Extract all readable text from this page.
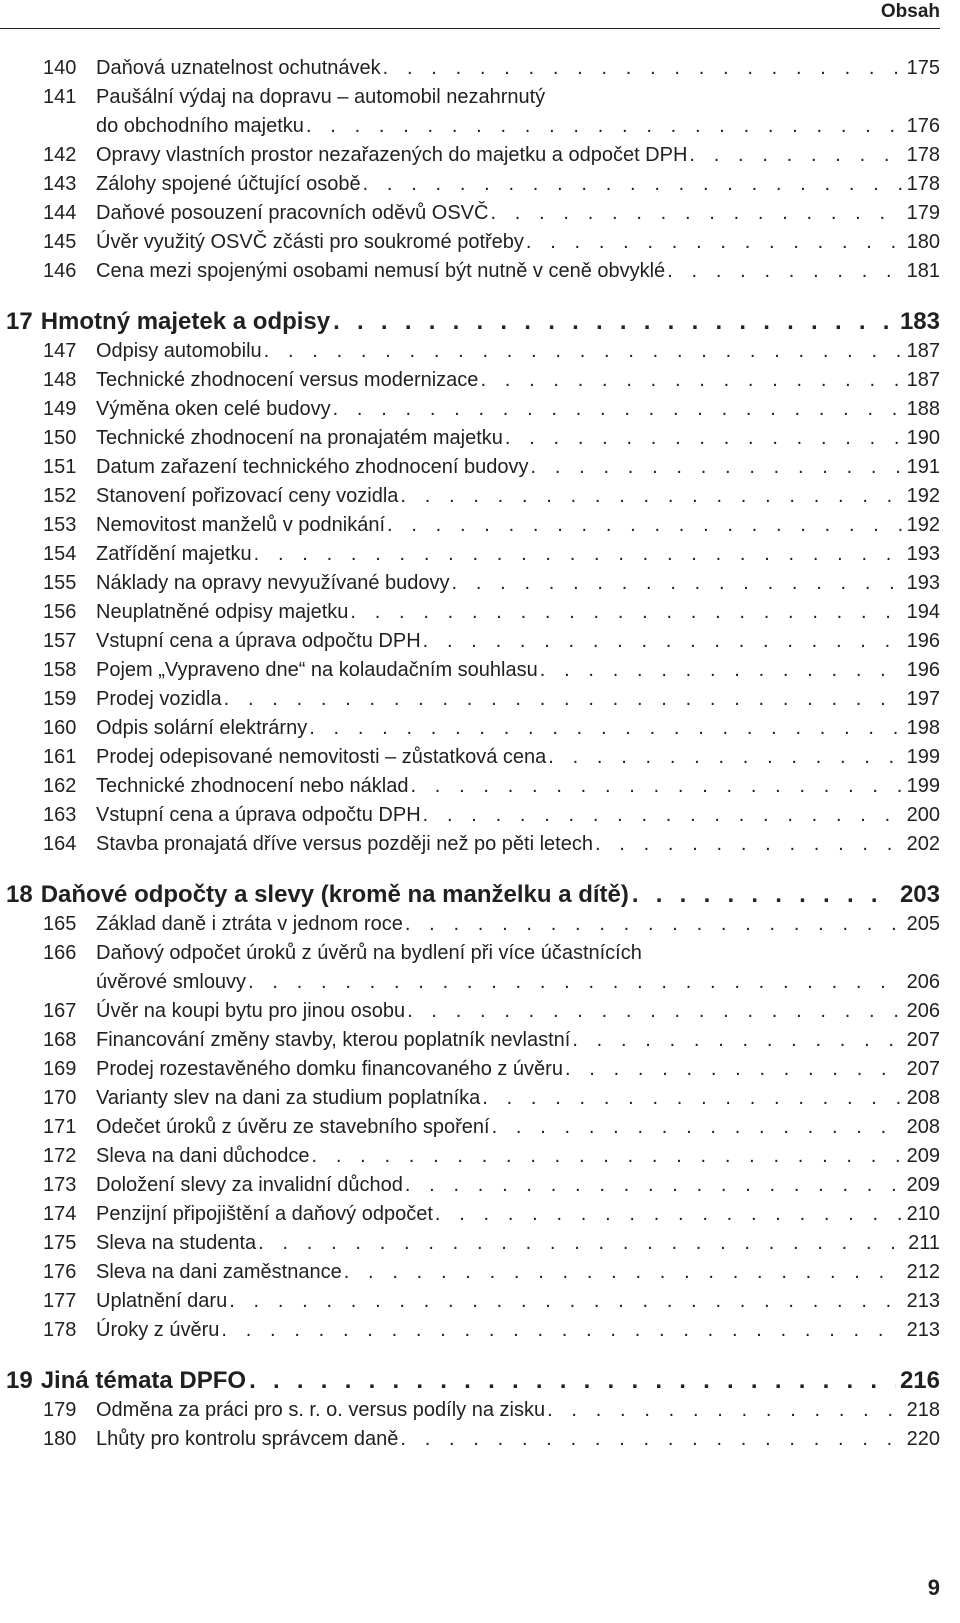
Obsah
140 Daňová uznatelnost ochutnávek . . .	175
141 Paušální výdaj na dopravu – automobil nezahrnutý
do obchodního majetku . . .	176
142 Opravy vlastních prostor nezařazených do majetku a odpočet DPH . . .	178
143 Zálohy spojené účtující osobě . . .	178
144 Daňové posouzení pracovních oděvů OSVČ . . .	179
145 Úvěr využitý OSVČ zčásti pro soukromé potřeby . . .	180
146 Cena mezi spojenými osobami nemusí být nutně v ceně obvyklé . . .	181
17 Hmotný majetek a odpisy . . .	183
147 Odpisy automobilu . . .	187
148 Technické zhodnocení versus modernizace . . .	187
149 Výměna oken celé budovy . . .	188
150 Technické zhodnocení na pronajatém majetku . . .	190
151 Datum zařazení technického zhodnocení budovy . . .	191
152 Stanovení pořizovací ceny vozidla . . .	192
153 Nemovitost manželů v podnikání . . .	192
154 Zatřídění majetku . . .	193
155 Náklady na opravy nevyužívané budovy . . .	193
156 Neuplatněné odpisy majetku . . .	194
157 Vstupní cena a úprava odpočtu DPH . . .	196
158 Pojem „Vypraveno dne“ na kolaudačním souhlasu . . .	196
159 Prodej vozidla . . .	197
160 Odpis solární elektrárny . . .	198
161 Prodej odepisované nemovitosti – zůstatková cena . . .	199
162 Technické zhodnocení nebo náklad . . .	199
163 Vstupní cena a úprava odpočtu DPH . . .	200
164 Stavba pronajatá dříve versus později než po pěti letech . . .	202
18 Daňové odpočty a slevy (kromě na manželku a dítě) . . .	203
165 Základ daně i ztráta v jednom roce . . .	205
166 Daňový odpočet úroků z úvěrů na bydlení při více účastnících
úvěrové smlouvy . . .	206
167 Úvěr na koupi bytu pro jinou osobu . . .	206
168 Financování změny stavby, kterou poplatník nevlastní . . .	207
169 Prodej rozestavěného domku financovaného z úvěru . . .	207
170 Varianty slev na dani za studium poplatníka . . .	208
171 Odečet úroků z úvěru ze stavebního spoření . . .	208
172 Sleva na dani důchodce . . .	209
173 Doložení slevy za invalidní důchod . . .	209
174 Penzijní připojištění a daňový odpočet . . .	210
175 Sleva na studenta . . .	211
176 Sleva na dani zaměstnance . . .	212
177 Uplatnění daru . . .	213
178 Úroky z úvěru . . .	213
19 Jiná témata DPFO . . .	216
179 Odměna za práci pro s. r. o. versus podíly na zisku . . .	218
180 Lhůty pro kontrolu správcem daně . . .	220
9
